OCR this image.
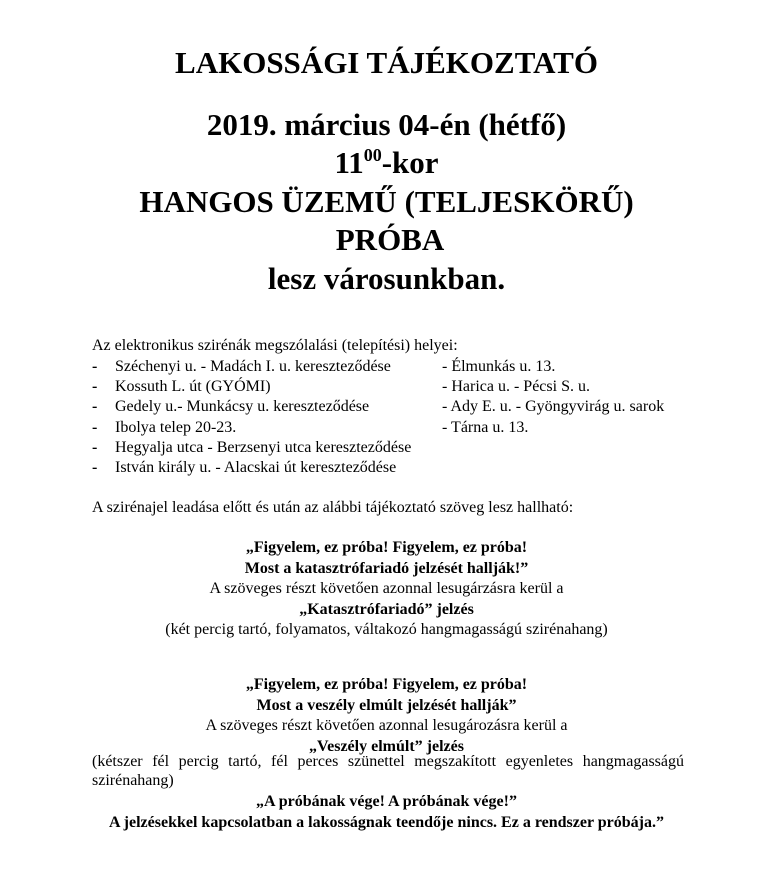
LAKOSSÁGI TÁJÉKOZTATÓ
2019. március 04-én (hétfő)
$11^{00}$-kor
HANGOS ÜZEMŰ (TELJESKÖRŰ)
PRÓBA
lesz városunkban.
Az elektronikus szirénák megszólalási (telepítési) helyei:
- Széchenyi u. - Madách I. u. kereszteződése
- Kossuth L. út (GYÓMI)
- Gedely u.- Munkácsy u. kereszteződése
- Ibolya telep 20-23.
- Hegyalja utca - Berzsenyi utca kereszteződése
- István király u. - Alacskai út kereszteződése
- Élmunkás u. 13.
- Harica u. - Pécsi S. u.
- Ady E. u. - Gyöngyvirág u. sarok
- Tárna u. 13.
A szirénajel leadása előtt és után az alábbi tájékoztató szöveg lesz hallható:
„Figyelem, ez próba! Figyelem, ez próba!
Most a katasztrófariadó jelzését hallják!”
A szöveges részt követően azonnal lesugárzásra kerül a
„Katasztrófariadó” jelzés
(két percig tartó, folyamatos, váltakozó hangmagasságú szirénahang)
„Figyelem, ez próba! Figyelem, ez próba!
Most a veszély elmúlt jelzését hallják”
A szöveges részt követően azonnal lesugározásra kerül a
„Veszély elmúlt” jelzés
(kétszer fél percig tartó, fél perces szünettel megszakított egyenletes hangmagasságú szirénahang)
„A próbának vége! A próbának vége!”
A jelzésekkel kapcsolatban a lakosságnak teendője nincs. Ez a rendszer próbája.”
